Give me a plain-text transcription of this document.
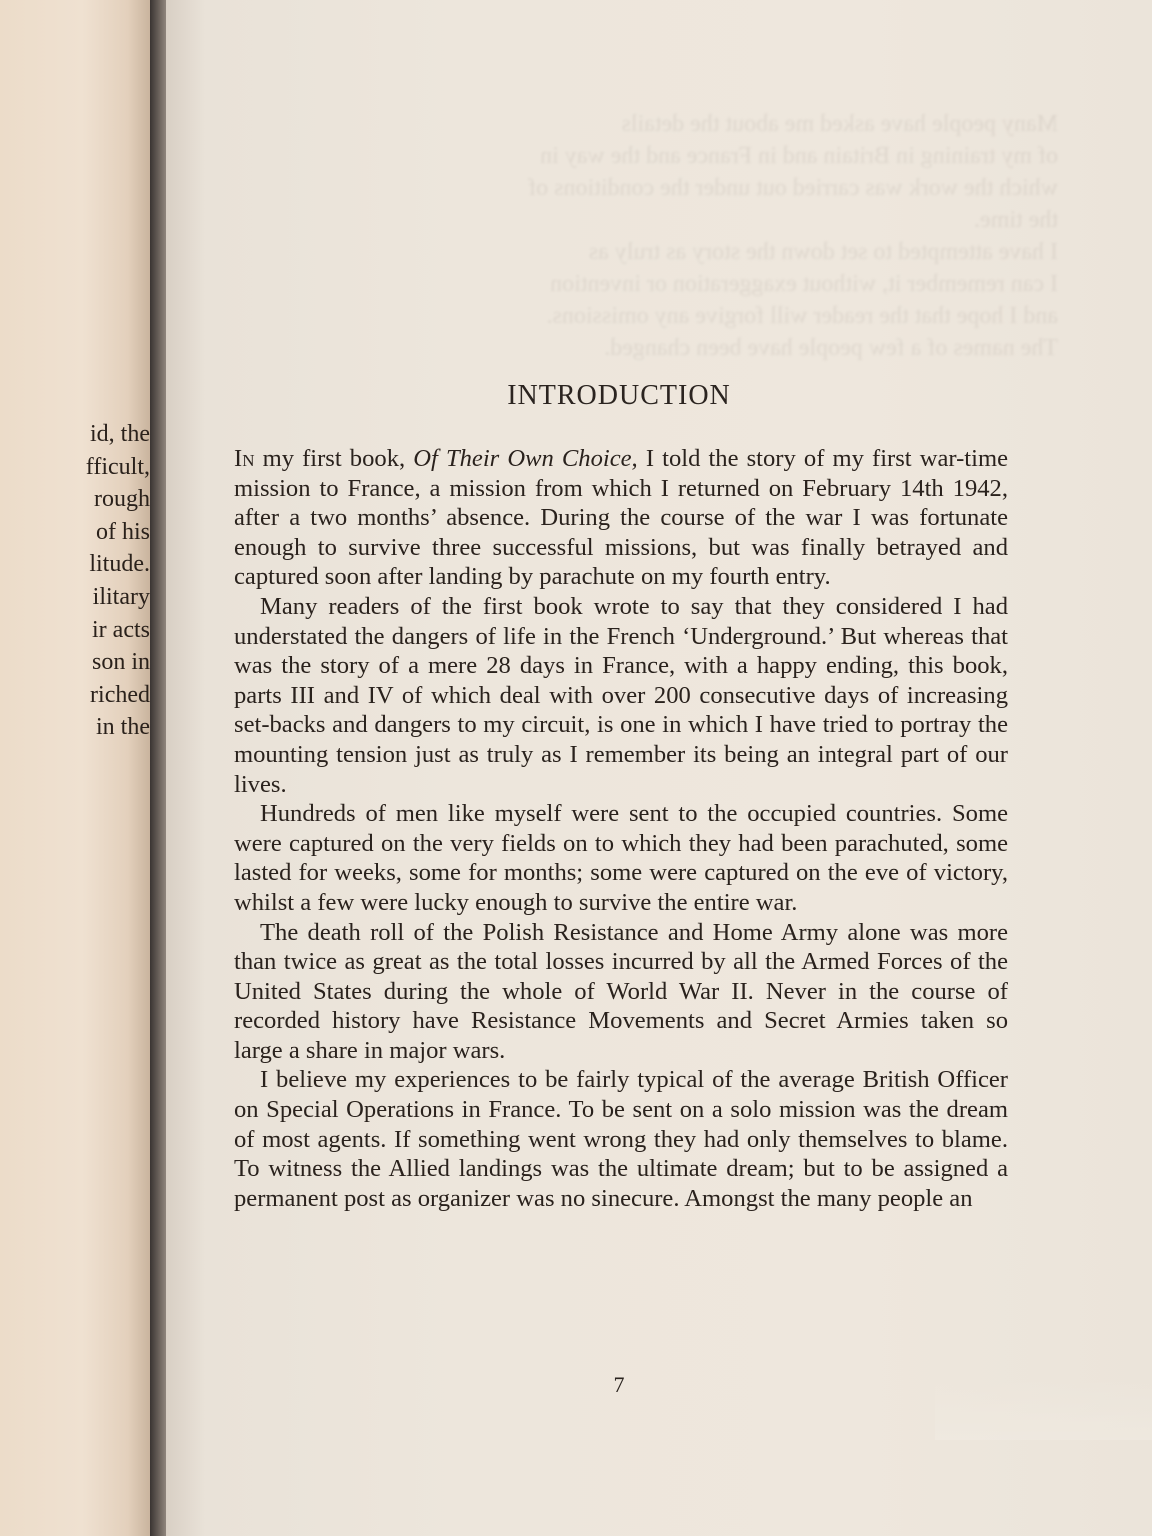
id, the
fficult,
rough
of his
litude.
ilitary
ir acts
son in
riched
in the
Many people have asked me about the details
of my training in Britain and in France and the way in
which the work was carried out under the conditions of
the time.
I have attempted to set down the story as truly as
I can remember it, without exaggeration or invention
and I hope that the reader will forgive any omissions.
The names of a few people have been changed.
INTRODUCTION

In my first book, Of Their Own Choice, I told the story of my first war-time mission to France, a mission from which I returned on February 14th 1942, after a two months’ absence. During the course of the war I was fortunate enough to survive three successful missions, but was finally betrayed and captured soon after landing by parachute on my fourth entry.

Many readers of the first book wrote to say that they considered I had understated the dangers of life in the French ‘Underground.’ But whereas that was the story of a mere 28 days in France, with a happy ending, this book, parts III and IV of which deal with over 200 consecutive days of increasing set-backs and dangers to my circuit, is one in which I have tried to portray the mounting tension just as truly as I remember its being an integral part of our lives.

Hundreds of men like myself were sent to the occupied countries. Some were captured on the very fields on to which they had been parachuted, some lasted for weeks, some for months; some were captured on the eve of victory, whilst a few were lucky enough to survive the entire war.

The death roll of the Polish Resistance and Home Army alone was more than twice as great as the total losses incurred by all the Armed Forces of the United States during the whole of World War II. Never in the course of recorded history have Resistance Movements and Secret Armies taken so large a share in major wars.

I believe my experiences to be fairly typical of the average British Officer on Special Operations in France. To be sent on a solo mission was the dream of most agents. If something went wrong they had only themselves to blame. To witness the Allied landings was the ultimate dream; but to be assigned a permanent post as organizer was no sinecure. Amongst the many people an

7
